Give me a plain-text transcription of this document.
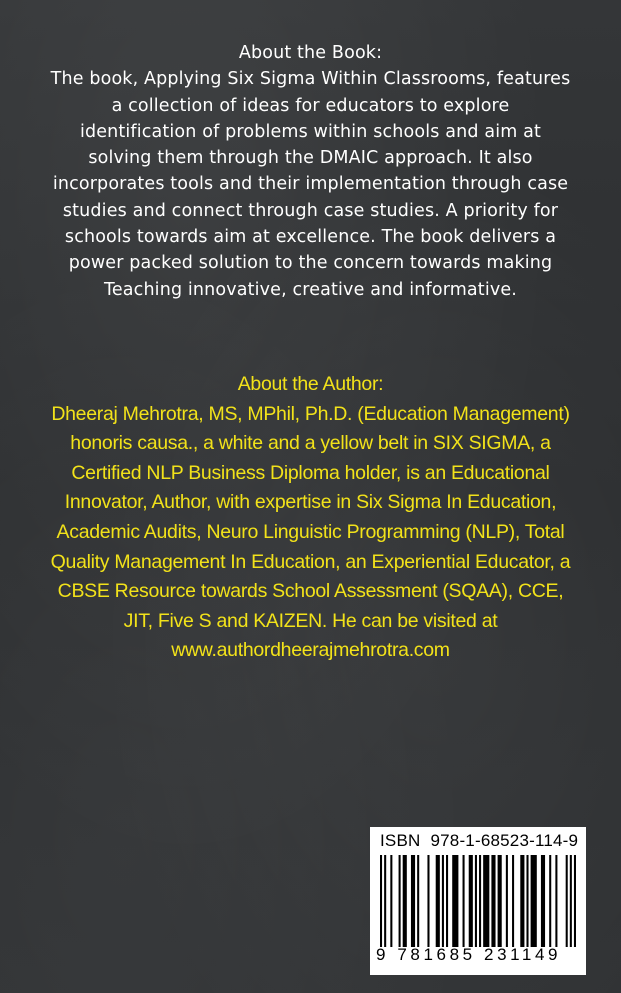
About the Book:
The book, Applying Six Sigma Within Classrooms, features
a collection of ideas for educators to explore
identification of problems within schools and aim at
solving them through the DMAIC approach. It also
incorporates tools and their implementation through case
studies and connect through case studies. A priority for
schools towards aim at excellence. The book delivers a
power packed solution to the concern towards making
Teaching innovative, creative and informative.
About the Author:
Dheeraj Mehrotra, MS, MPhil, Ph.D. (Education Management)
honoris causa., a white and a yellow belt in SIX SIGMA, a
Certified NLP Business Diploma holder, is an Educational
Innovator, Author, with expertise in Six Sigma In Education,
Academic Audits, Neuro Linguistic Programming (NLP), Total
Quality Management In Education, an Experiential Educator, a
CBSE Resource towards School Assessment (SQAA), CCE,
JIT, Five S and KAIZEN. He can be visited at
www.authordheerajmehrotra.com
ISBN 978-1-68523-114-9
9 781685 231149
